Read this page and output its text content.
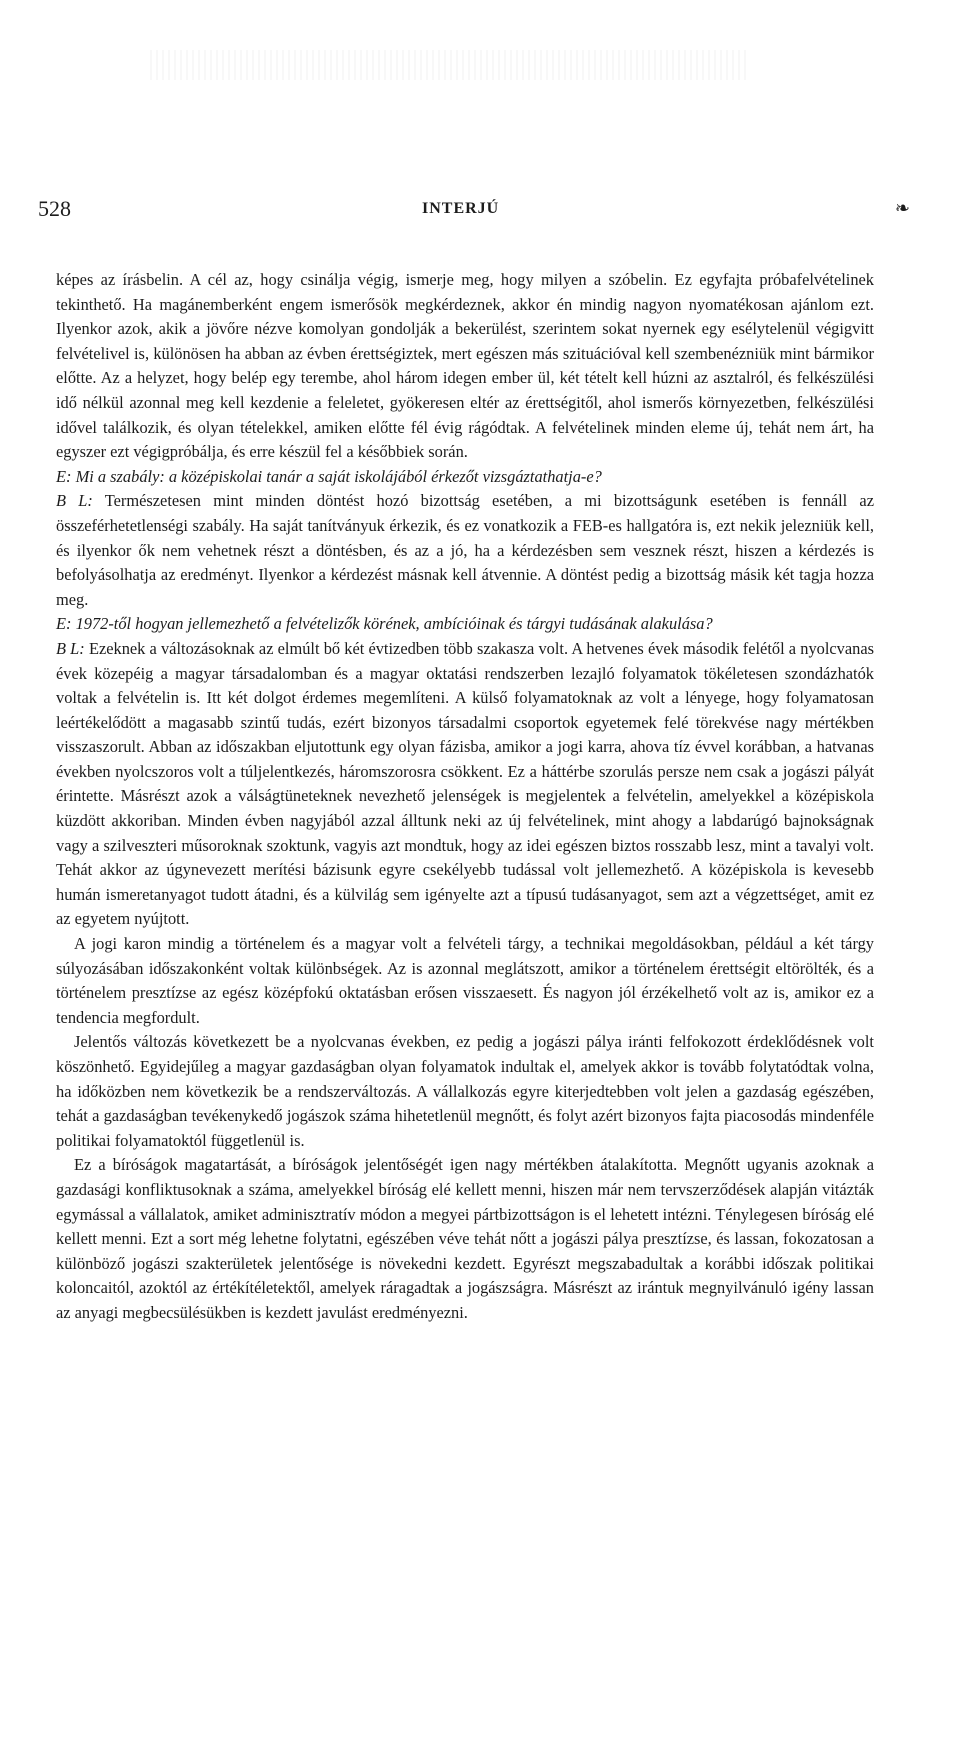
528	INTERJÚ	❧

képes az írásbelin. A cél az, hogy csinálja végig, ismerje meg, hogy milyen a szóbelin. Ez egyfajta próbafelvételinek tekinthető. Ha magánemberként engem ismerősök megkérdeznek, akkor én mindig nagyon nyomatékosan ajánlom ezt. Ilyenkor azok, akik a jövőre nézve komolyan gondolják a bekerülést, szerintem sokat nyernek egy esélytelenül végigvitt felvételivel is, különösen ha abban az évben érettségiztek, mert egészen más szituációval kell szembenézniük mint bármikor előtte. Az a helyzet, hogy belép egy terembe, ahol három idegen ember ül, két tételt kell húzni az asztalról, és felkészülési idő nélkül azonnal meg kell kezdenie a feleletet, gyökeresen eltér az érettségitől, ahol ismerős környezetben, felkészülési idővel találkozik, és olyan tételekkel, amiken előtte fél évig rágódtak. A felvételinek minden eleme új, tehát nem árt, ha egyszer ezt végigpróbálja, és erre készül fel a későbbiek során.

E: Mi a szabály: a középiskolai tanár a saját iskolájából érkezőt vizsgáztathatja-e?

B L: Természetesen mint minden döntést hozó bizottság esetében, a mi bizottságunk esetében is fennáll az összeférhetetlenségi szabály. Ha saját tanítványuk érkezik, és ez vonatkozik a FEB-es hallgatóra is, ezt nekik jelezniük kell, és ilyenkor ők nem vehetnek részt a döntésben, és az a jó, ha a kérdezésben sem vesznek részt, hiszen a kérdezés is befolyásolhatja az eredményt. Ilyenkor a kérdezést másnak kell átvennie. A döntést pedig a bizottság másik két tagja hozza meg.

E: 1972-től hogyan jellemezhető a felvételizők körének, ambícióinak és tárgyi tudásának alakulása?

B L: Ezeknek a változásoknak az elmúlt bő két évtizedben több szakasza volt. A hetvenes évek második felétől a nyolcvanas évek közepéig a magyar társadalomban és a magyar oktatási rendszerben lezajló folyamatok tökéletesen szondázhatók voltak a felvételin is. Itt két dolgot érdemes megemlíteni. A külső folyamatoknak az volt a lényege, hogy folyamatosan leértékelődött a magasabb szintű tudás, ezért bizonyos társadalmi csoportok egyetemek felé törekvése nagy mértékben visszaszorult. Abban az időszakban eljutottunk egy olyan fázisba, amikor a jogi karra, ahova tíz évvel korábban, a hatvanas években nyolcszoros volt a túljelentkezés, háromszorosra csökkent. Ez a háttérbe szorulás persze nem csak a jogászi pályát érintette. Másrészt azok a válságtüneteknek nevezhető jelenségek is megjelentek a felvételin, amelyekkel a középiskola küzdött akkoriban. Minden évben nagyjából azzal álltunk neki az új felvételinek, mint ahogy a labdarúgó bajnokságnak vagy a szilveszteri műsoroknak szoktunk, vagyis azt mondtuk, hogy az idei egészen biztos rosszabb lesz, mint a tavalyi volt. Tehát akkor az úgynevezett merítési bázisunk egyre csekélyebb tudással volt jellemezhető. A középiskola is kevesebb humán ismeretanyagot tudott átadni, és a külvilág sem igényelte azt a típusú tudásanyagot, sem azt a végzettséget, amit ez az egyetem nyújtott.

A jogi karon mindig a történelem és a magyar volt a felvételi tárgy, a technikai megoldásokban, például a két tárgy súlyozásában időszakonként voltak különbségek. Az is azonnal meglátszott, amikor a történelem érettségit eltörölték, és a történelem presztízse az egész középfokú oktatásban erősen visszaesett. És nagyon jól érzékelhető volt az is, amikor ez a tendencia megfordult.

Jelentős változás következett be a nyolcvanas években, ez pedig a jogászi pálya iránti felfokozott érdeklődésnek volt köszönhető. Egyidejűleg a magyar gazdaságban olyan folyamatok indultak el, amelyek akkor is tovább folytatódtak volna, ha időközben nem következik be a rendszerváltozás. A vállalkozás egyre kiterjedtebben volt jelen a gazdaság egészében, tehát a gazdaságban tevékenykedő jogászok száma hihetetlenül megnőtt, és folyt azért bizonyos fajta piacosodás mindenféle politikai folyamatoktól függetlenül is.

Ez a bíróságok magatartását, a bíróságok jelentőségét igen nagy mértékben átalakította. Megnőtt ugyanis azoknak a gazdasági konfliktusoknak a száma, amelyekkel bíróság elé kellett menni, hiszen már nem tervszerződések alapján vitázták egymással a vállalatok, amiket adminisztratív módon a megyei pártbizottságon is el lehetett intézni. Ténylegesen bíróság elé kellett menni. Ezt a sort még lehetne folytatni, egészében véve tehát nőtt a jogászi pálya presztízse, és lassan, fokozatosan a különböző jogászi szakterületek jelentősége is növekedni kezdett. Egyrészt megszabadultak a korábbi időszak politikai koloncaitól, azoktól az értékítéletektől, amelyek ráragadtak a jogászságra. Másrészt az irántuk megnyilvánuló igény lassan az anyagi megbecsülésükben is kezdett javulást eredményezni.
